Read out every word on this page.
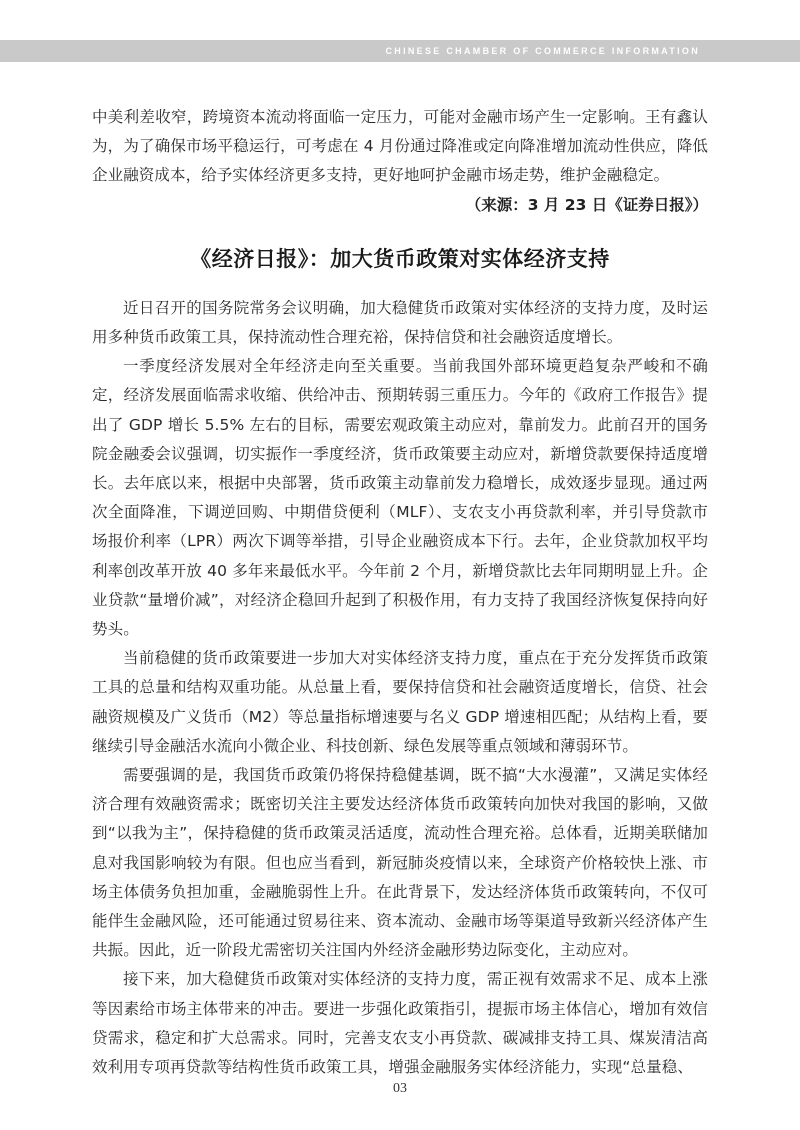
CHINESE CHAMBER OF COMMERCE INFORMATION

中美利差收窄，跨境资本流动将面临一定压力，可能对金融市场产生一定影响。王有鑫认为，为了确保市场平稳运行，可考虑在 4 月份通过降准或定向降准增加流动性供应，降低企业融资成本，给予实体经济更多支持，更好地呵护金融市场走势，维护金融稳定。

（来源：3 月 23 日《证券日报》）

《经济日报》：加大货币政策对实体经济支持

近日召开的国务院常务会议明确，加大稳健货币政策对实体经济的支持力度，及时运用多种货币政策工具，保持流动性合理充裕，保持信贷和社会融资适度增长。

一季度经济发展对全年经济走向至关重要。当前我国外部环境更趋复杂严峻和不确定，经济发展面临需求收缩、供给冲击、预期转弱三重压力。今年的《政府工作报告》提出了 GDP 增长 5.5% 左右的目标，需要宏观政策主动应对，靠前发力。此前召开的国务院金融委会议强调，切实振作一季度经济，货币政策要主动应对，新增贷款要保持适度增长。去年底以来，根据中央部署，货币政策主动靠前发力稳增长，成效逐步显现。通过两次全面降准，下调逆回购、中期借贷便利（MLF）、支农支小再贷款利率，并引导贷款市场报价利率（LPR）两次下调等举措，引导企业融资成本下行。去年，企业贷款加权平均利率创改革开放 40 多年来最低水平。今年前 2 个月，新增贷款比去年同期明显上升。企业贷款“量增价减”，对经济企稳回升起到了积极作用，有力支持了我国经济恢复保持向好势头。

当前稳健的货币政策要进一步加大对实体经济支持力度，重点在于充分发挥货币政策工具的总量和结构双重功能。从总量上看，要保持信贷和社会融资适度增长，信贷、社会融资规模及广义货币（M2）等总量指标增速要与名义 GDP 增速相匹配；从结构上看，要继续引导金融活水流向小微企业、科技创新、绿色发展等重点领域和薄弱环节。

需要强调的是，我国货币政策仍将保持稳健基调，既不搞“大水漫灌”，又满足实体经济合理有效融资需求；既密切关注主要发达经济体货币政策转向加快对我国的影响，又做到“以我为主”，保持稳健的货币政策灵活适度，流动性合理充裕。总体看，近期美联储加息对我国影响较为有限。但也应当看到，新冠肺炎疫情以来，全球资产价格较快上涨、市场主体债务负担加重，金融脆弱性上升。在此背景下，发达经济体货币政策转向，不仅可能伴生金融风险，还可能通过贸易往来、资本流动、金融市场等渠道导致新兴经济体产生共振。因此，近一阶段尤需密切关注国内外经济金融形势边际变化，主动应对。

接下来，加大稳健货币政策对实体经济的支持力度，需正视有效需求不足、成本上涨等因素给市场主体带来的冲击。要进一步强化政策指引，提振市场主体信心，增加有效信贷需求，稳定和扩大总需求。同时，完善支农支小再贷款、碳减排支持工具、煤炭清洁高效利用专项再贷款等结构性货币政策工具，增强金融服务实体经济能力，实现“总量稳、

03
